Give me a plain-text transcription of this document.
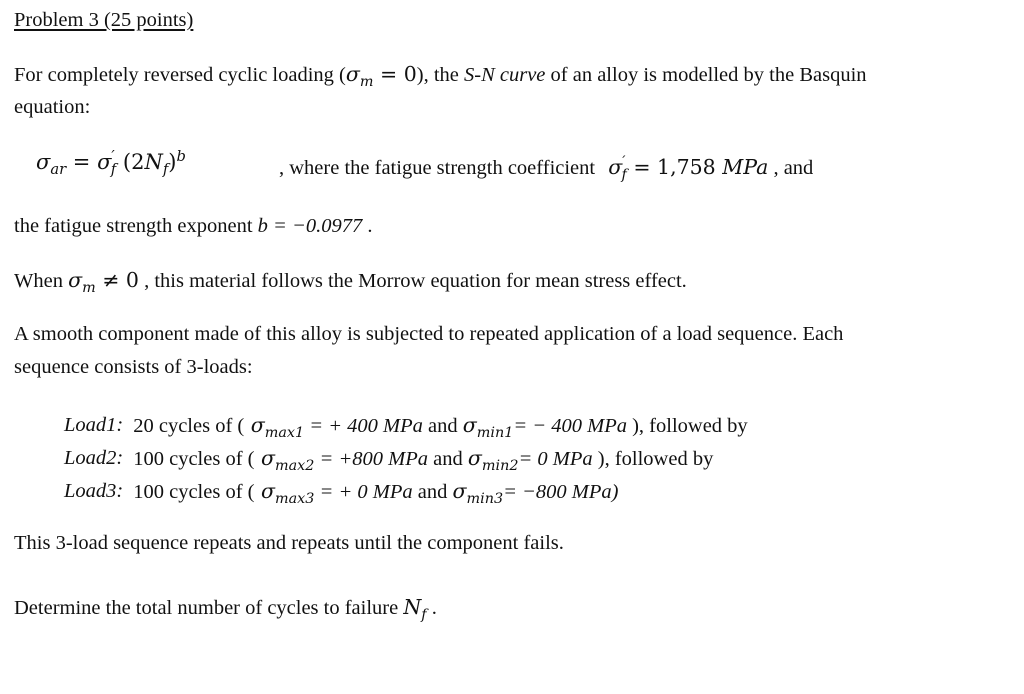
Problem 3 (25 points)
For completely reversed cyclic loading $(\sigma_m = 0)$, the S-N curve of an alloy is modelled by the Basquin
equation:
$\sigma_{ar} = \sigma'_f$ $(2N_f)^b$
, where the fatigue strength coefficient $\sigma'_f = 1,758$ MPa , and
the fatigue strength exponent b = −0.0977 .
When $\sigma_m \ne 0$ , this material follows the Morrow equation for mean stress effect.
A smooth component made of this alloy is subjected to repeated application of a load sequence. Each
sequence consists of 3-loads:
Load1:	20 cycles of ( $\sigma_{max1}$ = + 400 MPa and $\sigma_{min1}= - 400$ MPa ), followed by
Load2:	100 cycles of ( $\sigma_{max2} = +800$ MPa and $\sigma_{min2}= 0$ MPa ), followed by
Load3:	100 cycles of ( $\sigma_{max3}$ = + 0 MPa and $\sigma_{min3}= -800$ MPa)
This 3-load sequence repeats and repeats until the component fails.
Determine the total number of cycles to failure $N_f$ .
